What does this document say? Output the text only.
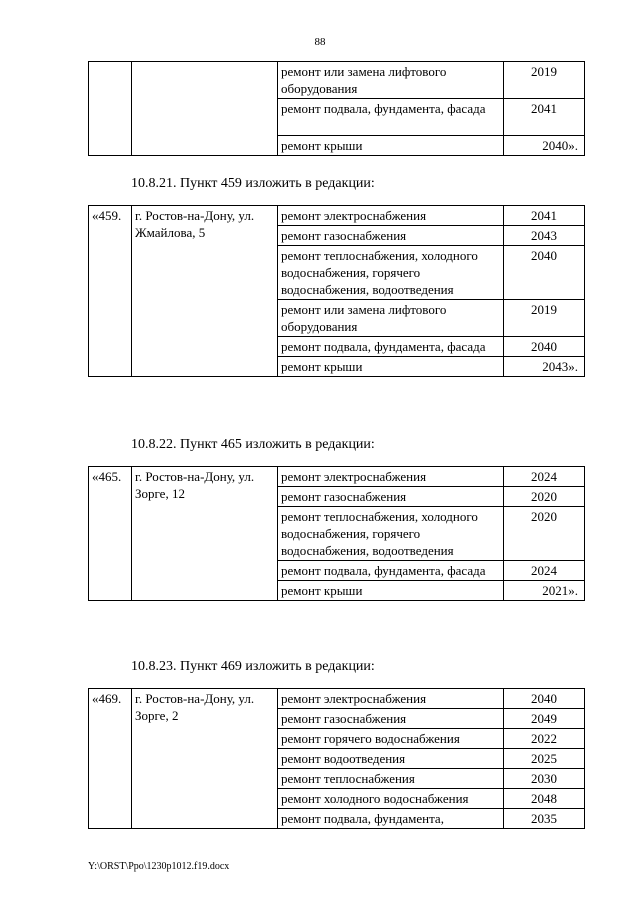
88
		ремонт или замена лифтового оборудования	2019
		ремонт подвала, фундамента, фасада	2041
		ремонт крыши	2040».
10.8.21. Пункт 459 изложить в редакции:
«459.	г. Ростов-на-Дону, ул. Жмайлова, 5	ремонт электроснабжения	2041
		ремонт газоснабжения	2043
		ремонт теплоснабжения, холодного водоснабжения, горячего водоснабжения, водоотведения	2040
		ремонт или замена лифтового оборудования	2019
		ремонт подвала, фундамента, фасада	2040
		ремонт крыши	2043».
10.8.22. Пункт 465 изложить в редакции:
«465.	г. Ростов-на-Дону, ул. Зорге, 12	ремонт электроснабжения	2024
		ремонт газоснабжения	2020
		ремонт теплоснабжения, холодного водоснабжения, горячего водоснабжения, водоотведения	2020
		ремонт подвала, фундамента, фасада	2024
		ремонт крыши	2021».
10.8.23. Пункт 469 изложить в редакции:
«469.	г. Ростов-на-Дону, ул. Зорге, 2	ремонт электроснабжения	2040
		ремонт газоснабжения	2049
		ремонт горячего водоснабжения	2022
		ремонт водоотведения	2025
		ремонт теплоснабжения	2030
		ремонт холодного водоснабжения	2048
		ремонт подвала, фундамента,	2035
Y:\ORST\Ppo\1230p1012.f19.docx
